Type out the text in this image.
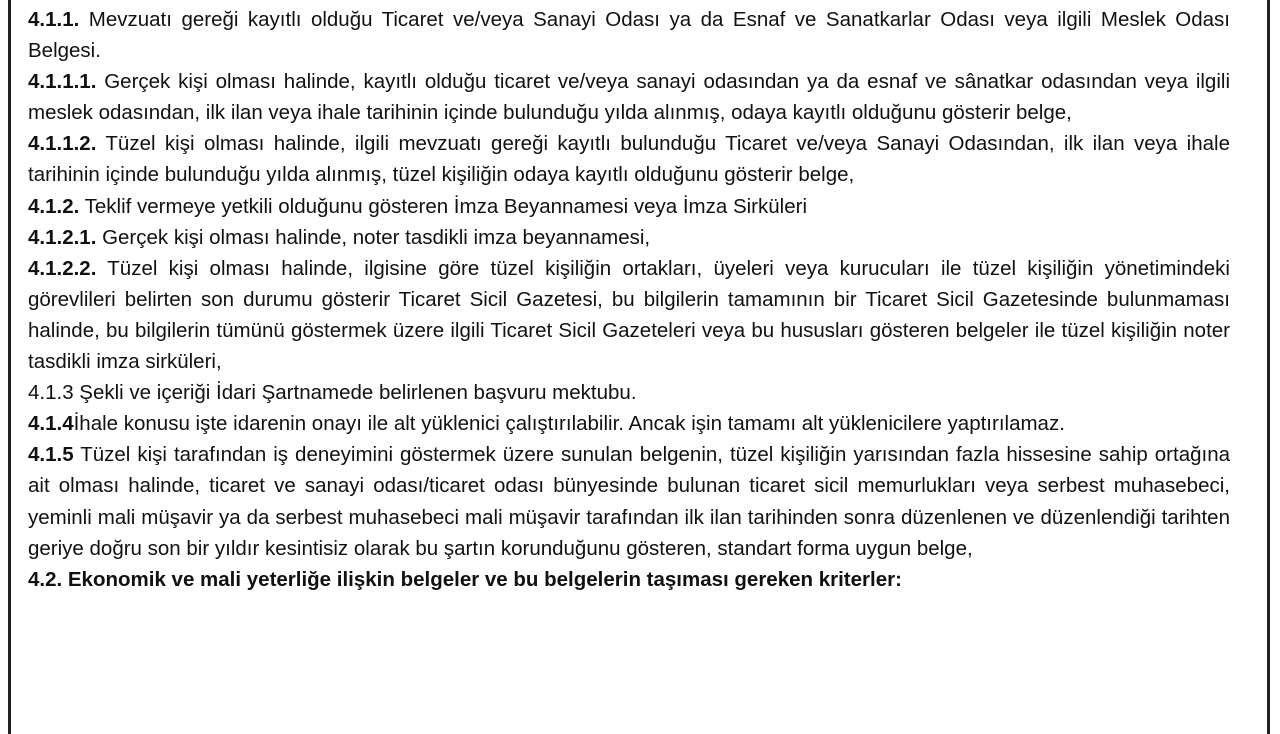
4.1.1. Mevzuatı gereği kayıtlı olduğu Ticaret ve/veya Sanayi Odası ya da Esnaf ve Sanatkarlar Odası veya ilgili Meslek Odası Belgesi.

4.1.1.1. Gerçek kişi olması halinde, kayıtlı olduğu ticaret ve/veya sanayi odasından ya da esnaf ve sânatkar odasından veya ilgili meslek odasından, ilk ilan veya ihale tarihinin içinde bulunduğu yılda alınmış, odaya kayıtlı olduğunu gösterir belge,

4.1.1.2. Tüzel kişi olması halinde, ilgili mevzuatı gereği kayıtlı bulunduğu Ticaret ve/veya Sanayi Odasından, ilk ilan veya ihale tarihinin içinde bulunduğu yılda alınmış, tüzel kişiliğin odaya kayıtlı olduğunu gösterir belge,

4.1.2. Teklif vermeye yetkili olduğunu gösteren İmza Beyannamesi veya İmza Sirküleri

4.1.2.1. Gerçek kişi olması halinde, noter tasdikli imza beyannamesi,

4.1.2.2. Tüzel kişi olması halinde, ilgisine göre tüzel kişiliğin ortakları, üyeleri veya kurucuları ile tüzel kişiliğin yönetimindeki görevlileri belirten son durumu gösterir Ticaret Sicil Gazetesi, bu bilgilerin tamamının bir Ticaret Sicil Gazetesinde bulunmaması halinde, bu bilgilerin tümünü göstermek üzere ilgili Ticaret Sicil Gazeteleri veya bu hususları gösteren belgeler ile tüzel kişiliğin noter tasdikli imza sirküleri,

4.1.3 Şekli ve içeriği İdari Şartnamede belirlenen başvuru mektubu.

4.1.4İhale konusu işte idarenin onayı ile alt yüklenici çalıştırılabilir. Ancak işin tamamı alt yüklenicilere yaptırılamaz.

4.1.5 Tüzel kişi tarafından iş deneyimini göstermek üzere sunulan belgenin, tüzel kişiliğin yarısından fazla hissesine sahip ortağına ait olması halinde, ticaret ve sanayi odası/ticaret odası bünyesinde bulunan ticaret sicil memurlukları veya serbest muhasebeci, yeminli mali müşavir ya da serbest muhasebeci mali müşavir tarafından ilk ilan tarihinden sonra düzenlenen ve düzenlendiği tarihten geriye doğru son bir yıldır kesintisiz olarak bu şartın korunduğunu gösteren, standart forma uygun belge,

4.2. Ekonomik ve mali yeterliğe ilişkin belgeler ve bu belgelerin taşıması gereken kriterler:
